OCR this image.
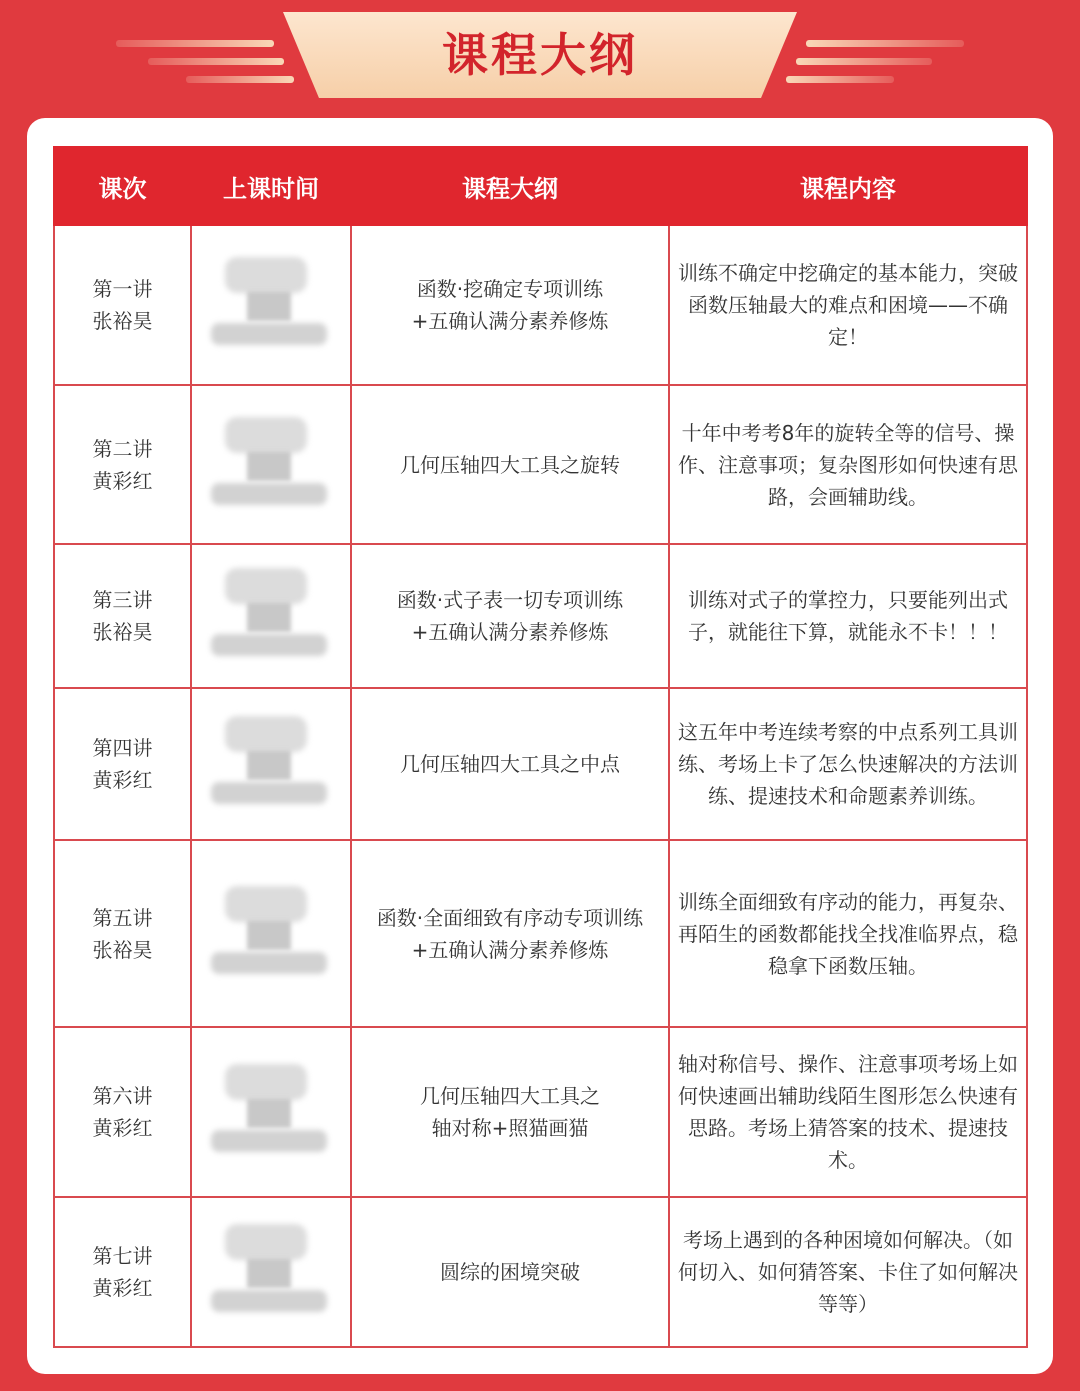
课程大纲
课次	上课时间	课程大纲	课程内容

第一讲
张裕昊		函数·挖确定专项训练
+五确认满分素养修炼	训练不确定中挖确定的基本能力，突破函数压轴最大的难点和困境——不确定！

第二讲
黄彩红		几何压轴四大工具之旋转	十年中考考8年的旋转全等的信号、操作、注意事项；复杂图形如何快速有思路，会画辅助线。

第三讲
张裕昊		函数·式子表一切专项训练
+五确认满分素养修炼	训练对式子的掌控力，只要能列出式子，就能往下算，就能永不卡！！！

第四讲
黄彩红		几何压轴四大工具之中点	这五年中考连续考察的中点系列工具训练、考场上卡了怎么快速解决的方法训练、提速技术和命题素养训练。

第五讲
张裕昊		函数·全面细致有序动专项训练
+五确认满分素养修炼	训练全面细致有序动的能力，再复杂、再陌生的函数都能找全找准临界点，稳稳拿下函数压轴。

第六讲
黄彩红		几何压轴四大工具之
轴对称+照猫画猫	轴对称信号、操作、注意事项考场上如何快速画出辅助线陌生图形怎么快速有思路。考场上猜答案的技术、提速技术。

第七讲
黄彩红		圆综的困境突破	考场上遇到的各种困境如何解决。（如何切入、如何猜答案、卡住了如何解决等等）
